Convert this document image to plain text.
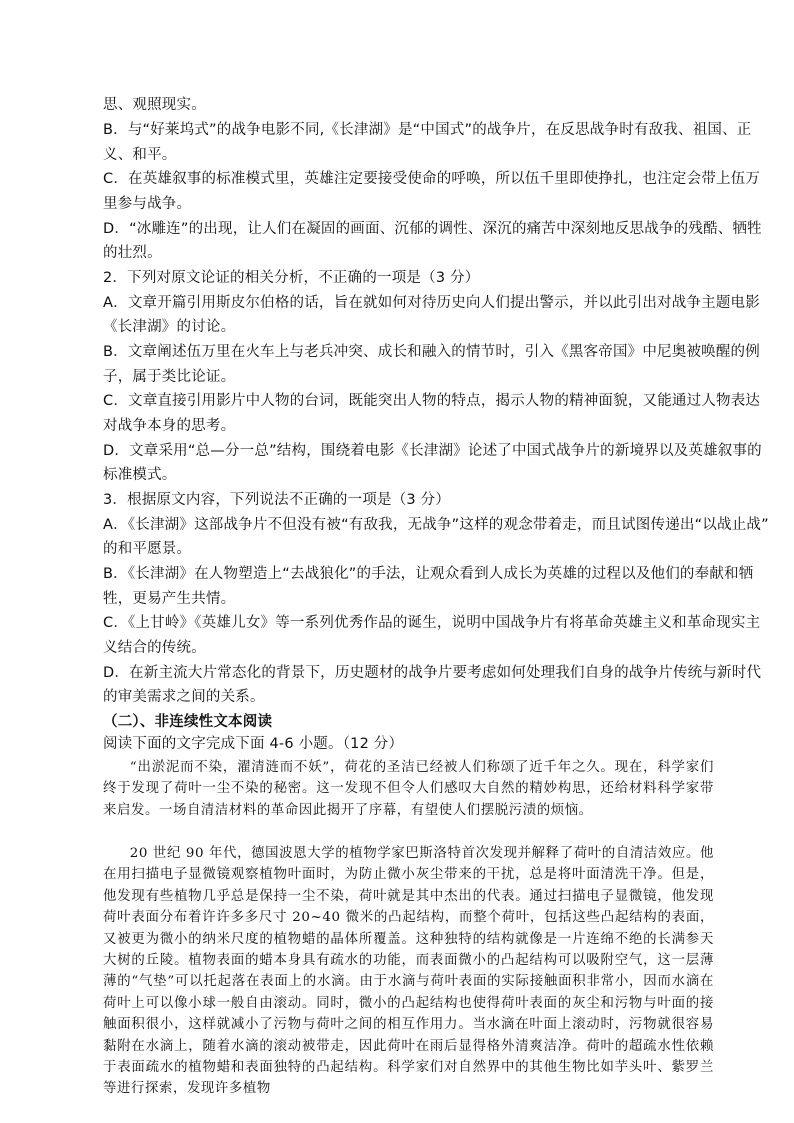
思、观照现实。
B．与“好莱坞式”的战争电影不同,《长津湖》是“中国式”的战争片，在反思战争时有敌我、祖国、正
义、和平。
C．在英雄叙事的标准模式里，英雄注定要接受使命的呼唤，所以伍千里即使挣扎，也注定会带上伍万
里参与战争。
D．“冰雕连”的出现，让人们在凝固的画面、沉郁的调性、深沉的痛苦中深刻地反思战争的残酷、牺牲
的壮烈。
2．下列对原文论证的相关分析，不正确的一项是（3 分）
A．文章开篇引用斯皮尔伯格的话，旨在就如何对待历史向人们提出警示，并以此引出对战争主题电影
《长津湖》的讨论。
B．文章阐述伍万里在火车上与老兵冲突、成长和融入的情节时，引入《黑客帝国》中尼奥被唤醒的例
子，属于类比论证。
C．文章直接引用影片中人物的台词，既能突出人物的特点，揭示人物的精神面貌，又能通过人物表达
对战争本身的思考。
D．文章采用“总—分一总”结构，围绕着电影《长津湖》论述了中国式战争片的新境界以及英雄叙事的
标准模式。
3．根据原文内容，下列说法不正确的一项是（3 分）
A．《长津湖》这部战争片不但没有被“有敌我，无战争”这样的观念带着走，而且试图传递出“以战止战”
的和平愿景。
B．《长津湖》在人物塑造上“去战狼化”的手法，让观众看到人成长为英雄的过程以及他们的奉献和牺
牲，更易产生共情。
C．《上甘岭》《英雄儿女》等一系列优秀作品的诞生，说明中国战争片有将革命英雄主义和革命现实主
义结合的传统。
D．在新主流大片常态化的背景下，历史题材的战争片要考虑如何处理我们自身的战争片传统与新时代
的审美需求之间的关系。
（二）、非连续性文本阅读
阅读下面的文字完成下面 4-6 小题。（12 分）
“出淤泥而不染，濯清涟而不妖”，荷花的圣洁已经被人们称颂了近千年之久。现在，科学家们终于发现了荷叶一尘不染的秘密。这一发现不但令人们感叹大自然的精妙构思，还给材料科学家带来启发。一场自清洁材料的革命因此揭开了序幕，有望使人们摆脱污渍的烦恼。
20 世纪 90 年代，德国波恩大学的植物学家巴斯洛特首次发现并解释了荷叶的自清洁效应。他在用扫描电子显微镜观察植物叶面时，为防止微小灰尘带来的干扰，总是将叶面清洗干净。但是，他发现有些植物几乎总是保持一尘不染，荷叶就是其中杰出的代表。通过扫描电子显微镜，他发现荷叶表面分布着许许多多尺寸 20~40 微米的凸起结构，而整个荷叶，包括这些凸起结构的表面，又被更为微小的纳米尺度的植物蜡的晶体所覆盖。这种独特的结构就像是一片连绵不绝的长满参天大树的丘陵。植物表面的蜡本身具有疏水的功能，而表面微小的凸起结构可以吸附空气，这一层薄薄的“气垫”可以托起落在表面上的水滴。由于水滴与荷叶表面的实际接触面积非常小，因而水滴在荷叶上可以像小球一般自由滚动。同时，微小的凸起结构也使得荷叶表面的灰尘和污物与叶面的接触面积很小，这样就减小了污物与荷叶之间的相互作用力。当水滴在叶面上滚动时，污物就很容易黏附在水滴上，随着水滴的滚动被带走，因此荷叶在雨后显得格外清爽洁净。荷叶的超疏水性依赖于表面疏水的植物蜡和表面独特的凸起结构。科学家们对自然界中的其他生物比如芋头叶、紫罗兰等进行探索，发现许多植物
